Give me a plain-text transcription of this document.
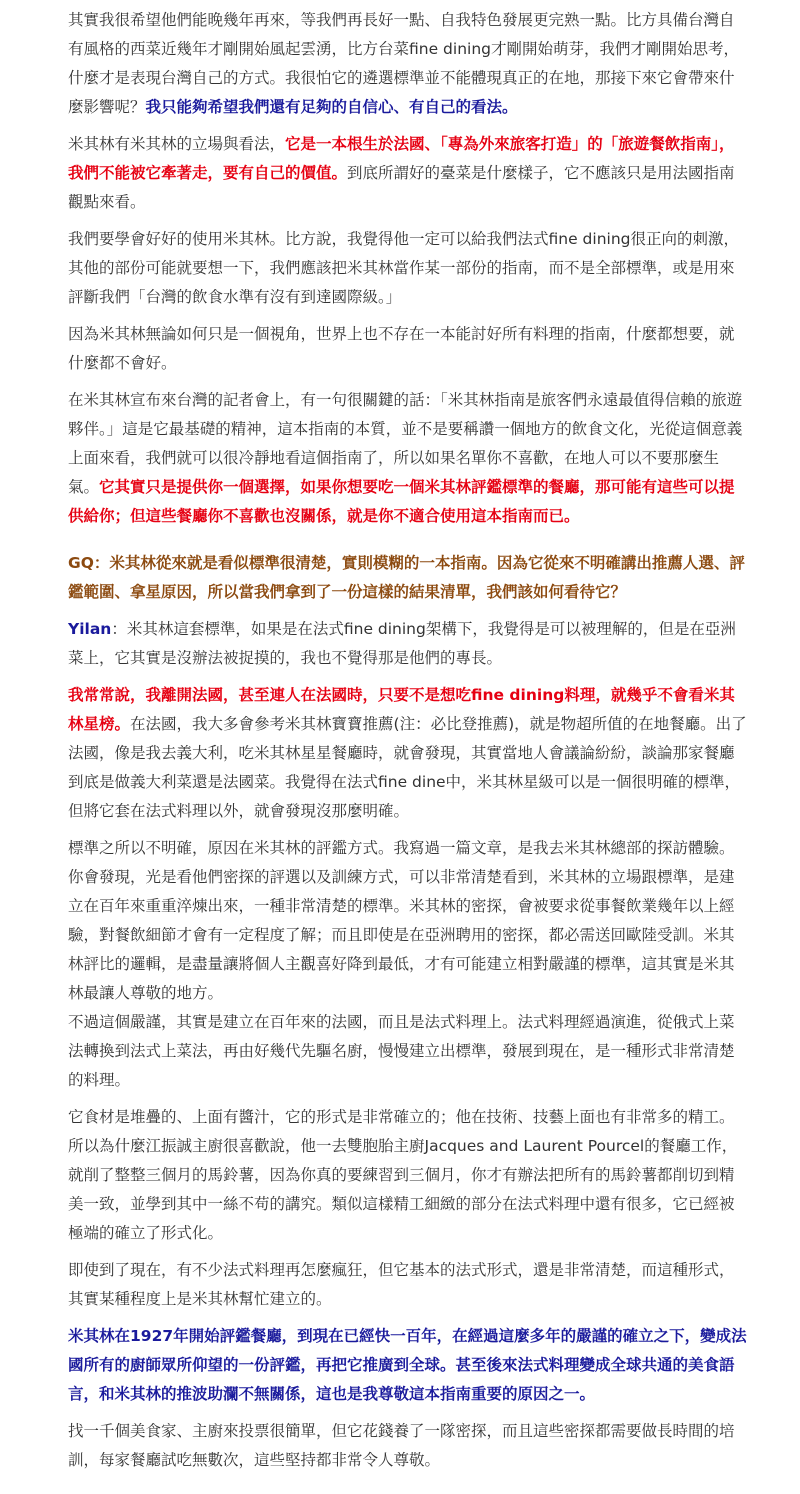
其實我很希望他們能晚幾年再來，等我們再長好一點、自我特色發展更完熟一點。比方具備台灣自有風格的西菜近幾年才剛開始風起雲湧，比方台菜fine dining才剛開始萌芽，我們才剛開始思考，什麼才是表現台灣自己的方式。我很怕它的遴選標準並不能體現真正的在地，那接下來它會帶來什麼影響呢？我只能夠希望我們還有足夠的自信心、有自己的看法。

米其林有米其林的立場與看法，它是一本根生於法國、「專為外來旅客打造」的「旅遊餐飲指南」，我們不能被它牽著走，要有自己的價值。到底所謂好的臺菜是什麼樣子，它不應該只是用法國指南觀點來看。

我們要學會好好的使用米其林。比方說，我覺得他一定可以給我們法式fine dining很正向的刺激，其他的部份可能就要想一下，我們應該把米其林當作某一部份的指南，而不是全部標準，或是用來評斷我們「台灣的飲食水準有沒有到達國際級。」

因為米其林無論如何只是一個視角，世界上也不存在一本能討好所有料理的指南，什麼都想要，就什麼都不會好。

在米其林宣布來台灣的記者會上，有一句很關鍵的話：「米其林指南是旅客們永遠最值得信賴的旅遊夥伴。」這是它最基礎的精神，這本指南的本質，並不是要稱讚一個地方的飲食文化，光從這個意義上面來看，我們就可以很冷靜地看這個指南了，所以如果名單你不喜歡，在地人可以不要那麼生氣。它其實只是提供你一個選擇，如果你想要吃一個米其林評鑑標準的餐廳，那可能有這些可以提供給你；但這些餐廳你不喜歡也沒關係，就是你不適合使用這本指南而已。

GQ：米其林從來就是看似標準很清楚，實則模糊的一本指南。因為它從來不明確講出推薦人選、評鑑範圍、拿星原因，所以當我們拿到了一份這樣的結果清單，我們該如何看待它？

Yilan：米其林這套標準，如果是在法式fine dining架構下，我覺得是可以被理解的，但是在亞洲菜上，它其實是沒辦法被捉摸的，我也不覺得那是他們的專長。

我常常說，我離開法國，甚至連人在法國時，只要不是想吃fine dining料理，就幾乎不會看米其林星榜。在法國，我大多會參考米其林寶寶推薦(注：必比登推薦)，就是物超所值的在地餐廳。出了法國，像是我去義大利，吃米其林星星餐廳時，就會發現，其實當地人會議論紛紛，談論那家餐廳到底是做義大利菜還是法國菜。我覺得在法式fine dine中，米其林星級可以是一個很明確的標準，但將它套在法式料理以外，就會發現沒那麼明確。

標準之所以不明確，原因在米其林的評鑑方式。我寫過一篇文章，是我去米其林總部的探訪體驗。你會發現，光是看他們密探的評選以及訓練方式，可以非常清楚看到，米其林的立場跟標準，是建立在百年來重重淬煉出來，一種非常清楚的標準。米其林的密探，會被要求從事餐飲業幾年以上經驗，對餐飲細節才會有一定程度了解；而且即使是在亞洲聘用的密探，都必需送回歐陸受訓。米其林評比的邏輯，是盡量讓將個人主觀喜好降到最低，才有可能建立相對嚴謹的標準，這其實是米其林最讓人尊敬的地方。

不過這個嚴謹，其實是建立在百年來的法國，而且是法式料理上。法式料理經過演進，從俄式上菜法轉換到法式上菜法，再由好幾代先驅名廚，慢慢建立出標準，發展到現在，是一種形式非常清楚的料理。

它食材是堆疊的、上面有醬汁，它的形式是非常確立的；他在技術、技藝上面也有非常多的精工。所以為什麼江振誠主廚很喜歡說，他一去雙胞胎主廚Jacques and Laurent Pourcel的餐廳工作，就削了整整三個月的馬鈴薯，因為你真的要練習到三個月，你才有辦法把所有的馬鈴薯都削切到精美一致，並學到其中一絲不苟的講究。類似這樣精工細緻的部分在法式料理中還有很多，它已經被極端的確立了形式化。

即使到了現在，有不少法式料理再怎麼瘋狂，但它基本的法式形式，還是非常清楚，而這種形式，其實某種程度上是米其林幫忙建立的。

米其林在1927年開始評鑑餐廳，到現在已經快一百年，在經過這麼多年的嚴謹的確立之下，變成法國所有的廚師眾所仰望的一份評鑑，再把它推廣到全球。甚至後來法式料理變成全球共通的美食語言，和米其林的推波助瀾不無關係，這也是我尊敬這本指南重要的原因之一。

找一千個美食家、主廚來投票很簡單，但它花錢養了一隊密探，而且這些密探都需要做長時間的培訓，每家餐廳試吃無數次，這些堅持都非常令人尊敬。
